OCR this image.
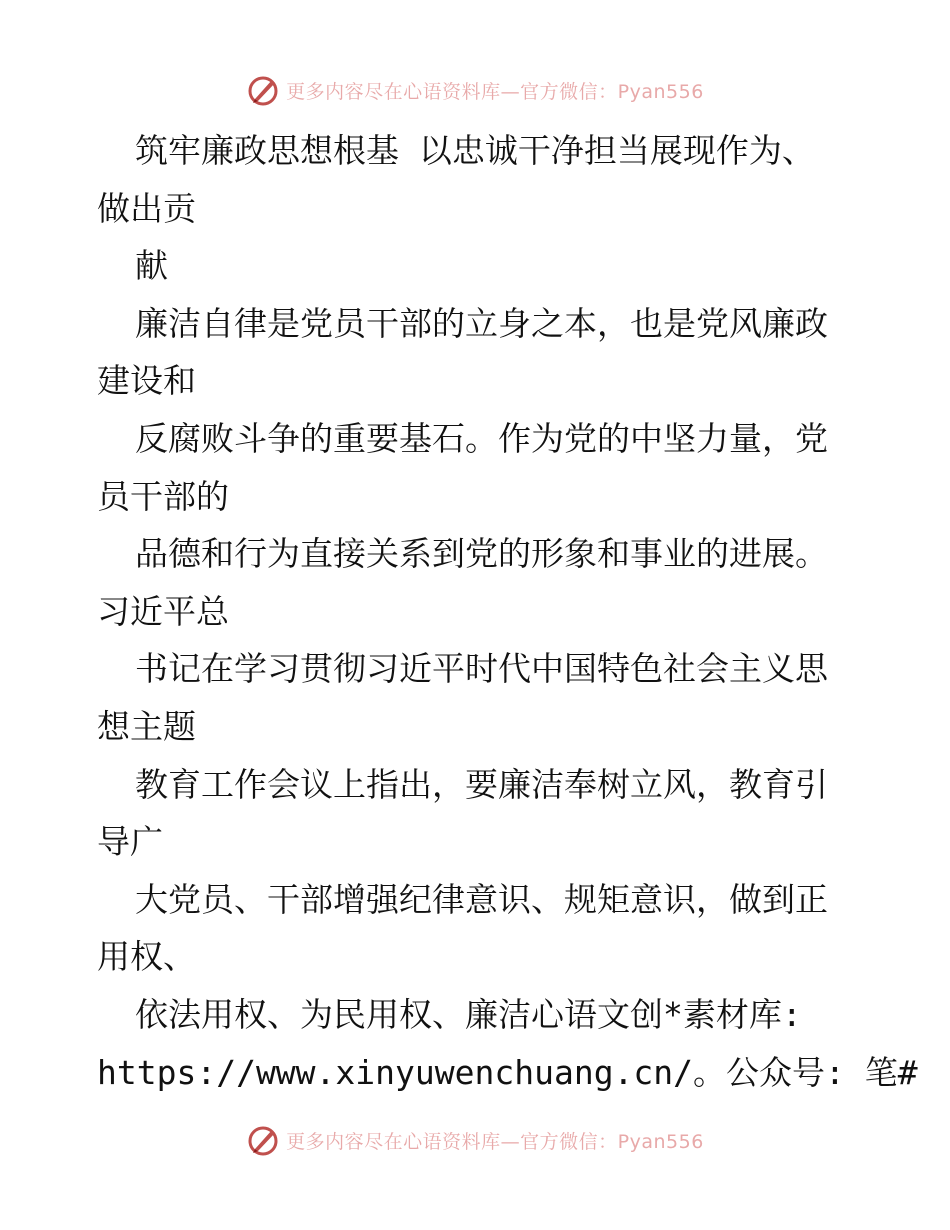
更多内容尽在心语资料库—官方微信：Pyan556
筑牢廉政思想根基 以忠诚干净担当展现作为、
做出贡
献
廉洁自律是党员干部的立身之本，也是党风廉政
建设和
反腐败斗争的重要基石。作为党的中坚力量，党
员干部的
品德和行为直接关系到党的形象和事业的进展。
习近平总
书记在学习贯彻习近平时代中国特色社会主义思
想主题
教育工作会议上指出，要廉洁奉树立风，教育引
导广
大党员、干部增强纪律意识、规矩意识，做到正
用权、
依法用权、为民用权、廉洁心语文创*素材库:
https://www.xinyuwenchuang.cn/。公众号: 笔#
更多内容尽在心语资料库—官方微信：Pyan556
